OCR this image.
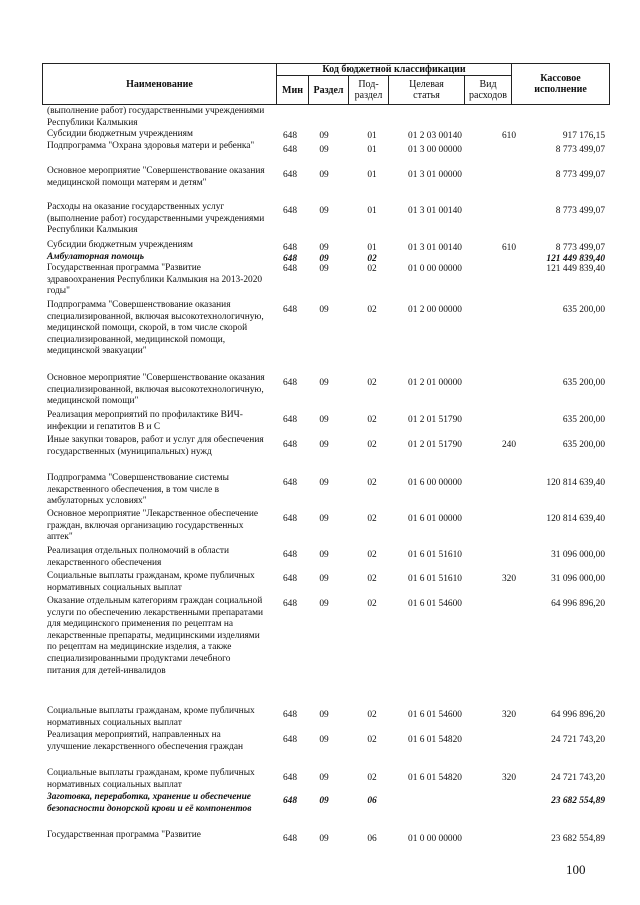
Наименование
Код бюджетной классификации
Мин	Раздел	Под-
раздел
Целевая
статья
Вид
расходов
Кассовое
исполнение
(выполнение работ) государственными учреждениями Республики Калмыкия
Субсидии бюджетным учреждениям	648	09	01	01 2 03 00140	610	917 176,15
Подпрограмма "Охрана здоровья матери и ребенка"	648	09	01	01 3 00 00000	8 773 499,07
Основное мероприятие "Совершенствование оказания медицинской помощи матерям и детям"
648	09	01	01 3 01 00000	8 773 499,07
Расходы на оказание государственных услуг (выполнение работ) государственными учреждениями Республики Калмыкия
648	09	01	01 3 01 00140	8 773 499,07
Субсидии бюджетным учреждениям	648	09	01	01 3 01 00140	610	8 773 499,07
Амбулаторная помощь	648	09	02	121 449 839,40
Государственная программа "Развитие здравоохранения Республики Калмыкия на 2013-2020 годы"
648	09	02	01 0 00 00000	121 449 839,40
Подпрограмма "Совершенствование оказания специализированной, включая высокотехнологичную, медицинской помощи, скорой, в том числе скорой специализированной, медицинской помощи, медицинской эвакуации"
648	09	02	01 2 00 00000	635 200,00
Основное мероприятие "Совершенствование оказания специализированной, включая высокотехнологичную, медицинской помощи"
648	09	02	01 2 01 00000	635 200,00
Реализация мероприятий по профилактике ВИЧ-инфекции и гепатитов В и С
648	09	02	01 2 01 51790	635 200,00
Иные закупки товаров, работ и услуг для обеспечения государственных (муниципальных) нужд
648	09	02	01 2 01 51790	240	635 200,00
Подпрограмма "Совершенствование системы лекарственного обеспечения, в том числе в амбулаторных условиях"
648	09	02	01 6 00 00000	120 814 639,40
Основное мероприятие "Лекарственное обеспечение граждан, включая организацию государственных аптек"
648	09	02	01 6 01 00000	120 814 639,40
Реализация отдельных полномочий в области лекарственного обеспечения
648	09	02	01 6 01 51610	31 096 000,00
Социальные выплаты гражданам, кроме публичных нормативных социальных выплат
648	09	02	01 6 01 51610	320	31 096 000,00
Оказание отдельным категориям граждан социальной услуги по обеспечению лекарственными препаратами для медицинского применения по рецептам на лекарственные препараты, медицинскими изделиями по рецептам на медицинские изделия, а также специализированными продуктами лечебного питания для детей-инвалидов
648	09	02	01 6 01 54600	64 996 896,20
Социальные выплаты гражданам, кроме публичных нормативных социальных выплат
648	09	02	01 6 01 54600	320	64 996 896,20
Реализация мероприятий, направленных на улучшение лекарственного обеспечения граждан
648	09	02	01 6 01 54820	24 721 743,20
Социальные выплаты гражданам, кроме публичных нормативных социальных выплат
648	09	02	01 6 01 54820	320	24 721 743,20
Заготовка, переработка, хранение и обеспечение безопасности донорской крови и её компонентов
648	09	06	23 682 554,89
Государственная программа "Развитие	648	09	06	01 0 00 00000	23 682 554,89
100
